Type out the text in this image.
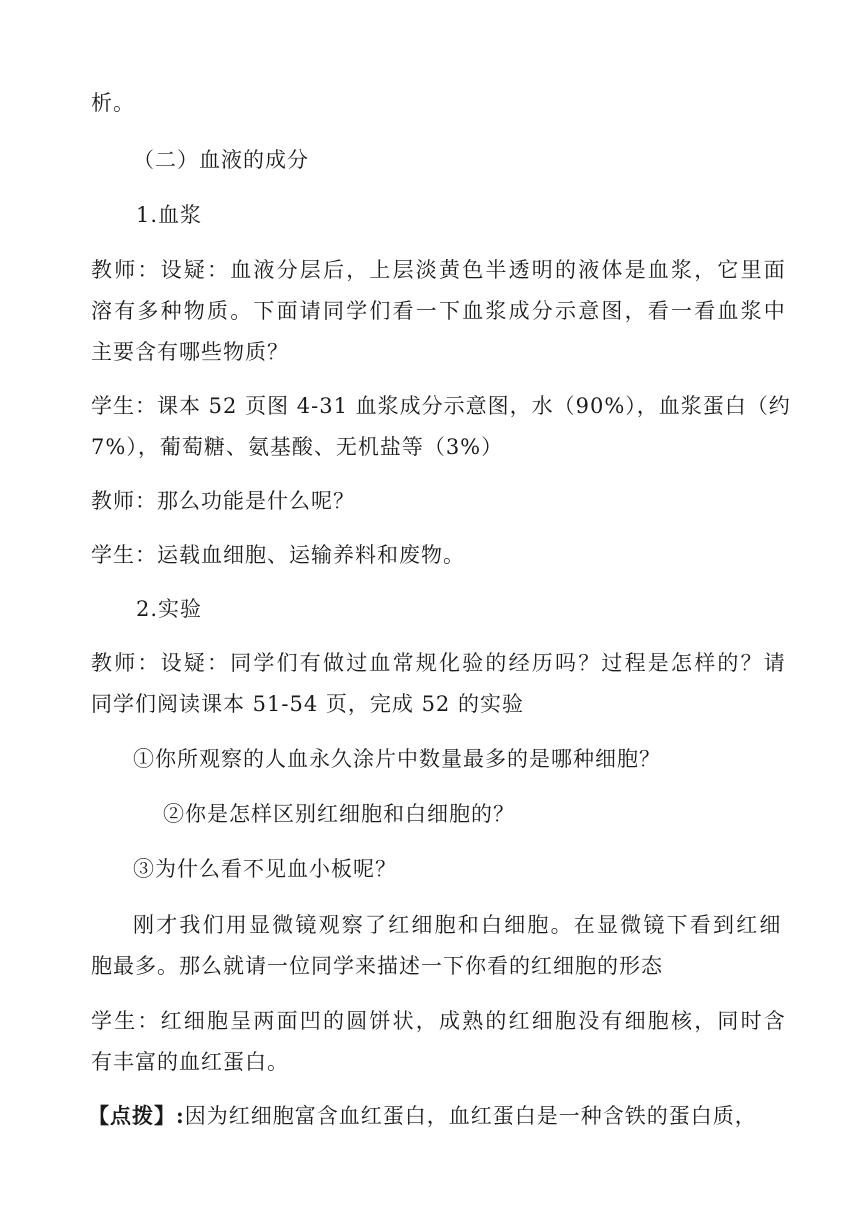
析。
（二）血液的成分
1.血浆
教师：设疑：血液分层后，上层淡黄色半透明的液体是血浆，它里面
溶有多种物质。下面请同学们看一下血浆成分示意图，看一看血浆中
主要含有哪些物质？
学生：课本 52 页图 4-31 血浆成分示意图，水（90%），血浆蛋白（约
7%），葡萄糖、氨基酸、无机盐等（3%）
教师：那么功能是什么呢？
学生：运载血细胞、运输养料和废物。
2.实验
教师：设疑：同学们有做过血常规化验的经历吗？过程是怎样的？请
同学们阅读课本 51-54 页，完成 52 的实验
①你所观察的人血永久涂片中数量最多的是哪种细胞？
②你是怎样区别红细胞和白细胞的？
③为什么看不见血小板呢？
刚才我们用显微镜观察了红细胞和白细胞。在显微镜下看到红细
胞最多。那么就请一位同学来描述一下你看的红细胞的形态
学生：红细胞呈两面凹的圆饼状，成熟的红细胞没有细胞核，同时含
有丰富的血红蛋白。
【点拨】:因为红细胞富含血红蛋白，血红蛋白是一种含铁的蛋白质，
